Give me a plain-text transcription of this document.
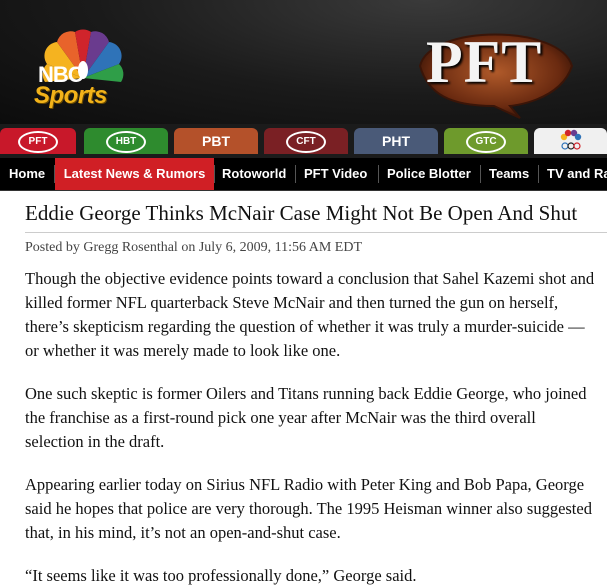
NBC
Sports
PFT
PFT	HBT	PBT	CFT	PHT	GTC
Home	Latest News & Rumors	Rotoworld PFT Video Police Blotter Teams TV and Ra
Eddie George Thinks McNair Case Might Not Be Open And Shut
Posted by Gregg Rosenthal on July 6, 2009, 11:56 AM EDT

Though the objective evidence points toward a conclusion that Sahel Kazemi shot and killed former NFL quarterback Steve McNair and then turned the gun on herself, there’s skepticism regarding the question of whether it was truly a murder-suicide — or whether it was merely made to look like one.

One such skeptic is former Oilers and Titans running back Eddie George, who joined the franchise as a first-round pick one year after McNair was the third overall selection in the draft.

Appearing earlier today on Sirius NFL Radio with Peter King and Bob Papa, George said he hopes that police are very thorough. The 1995 Heisman winner also suggested that, in his mind, it’s not an open-and-shut case.

“It seems like it was too professionally done,” George said.
